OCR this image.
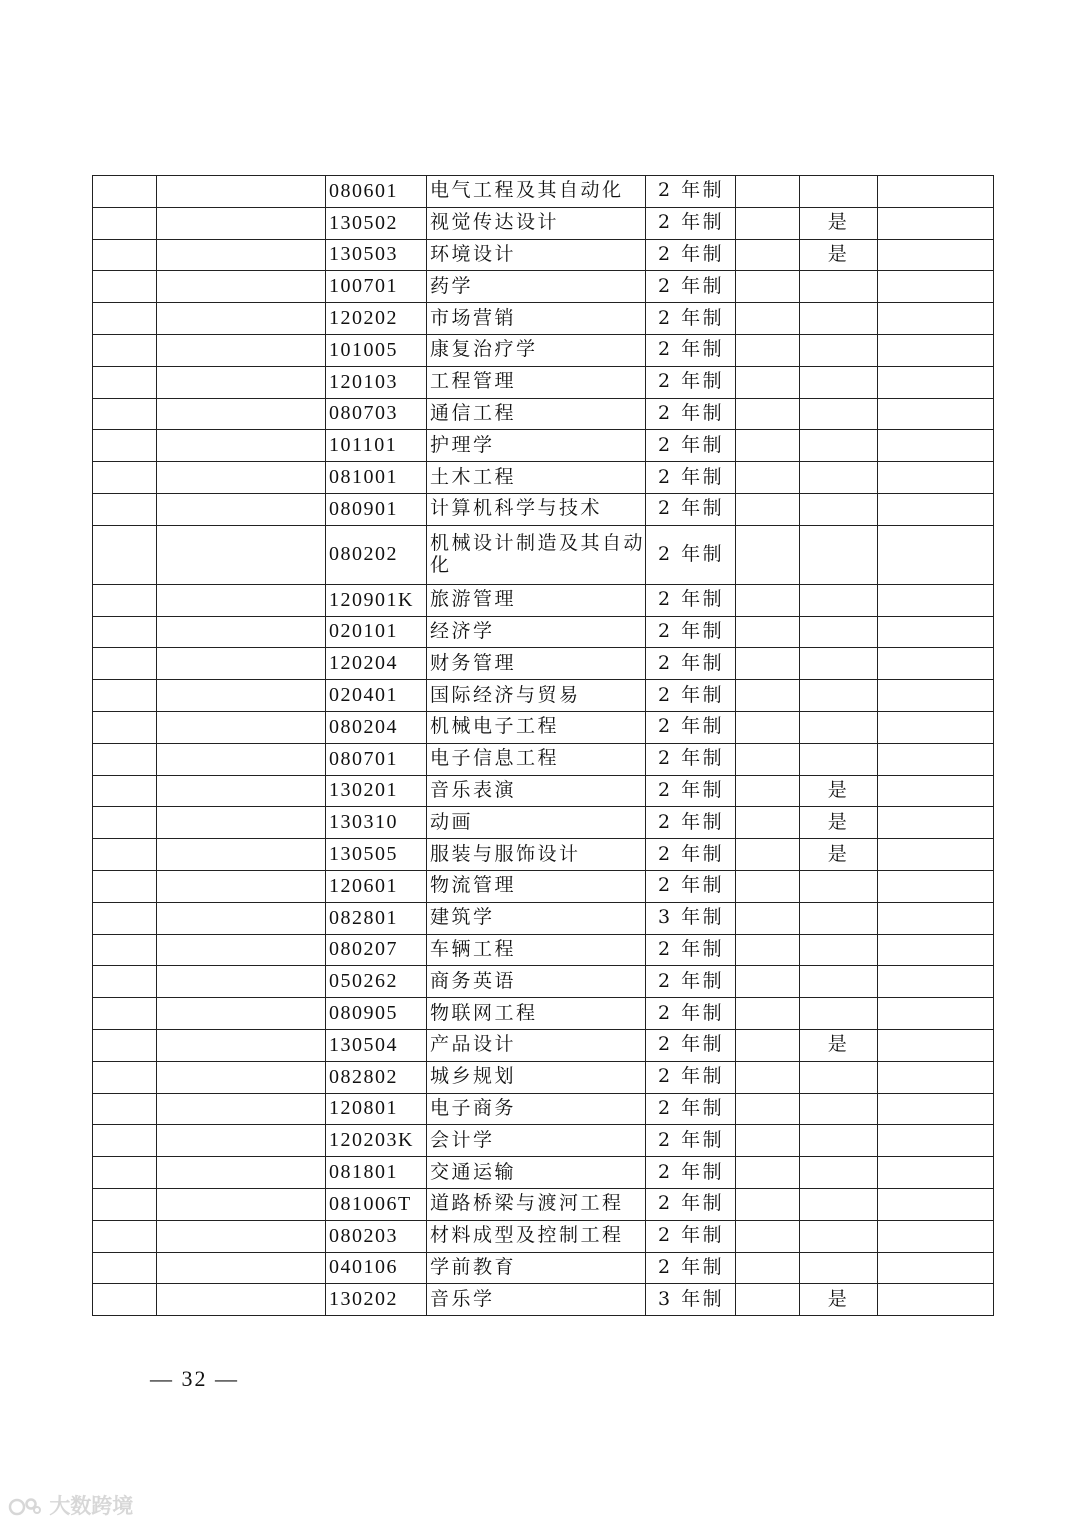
		080601	电气工程及其自动化	2 年制			
		130502	视觉传达设计	2 年制		是	
		130503	环境设计	2 年制		是	
		100701	药学	2 年制			
		120202	市场营销	2 年制			
		101005	康复治疗学	2 年制			
		120103	工程管理	2 年制			
		080703	通信工程	2 年制			
		101101	护理学	2 年制			
		081001	土木工程	2 年制			
		080901	计算机科学与技术	2 年制			
		080202	机械设计制造及其自动化	2 年制			
		120901K	旅游管理	2 年制			
		020101	经济学	2 年制			
		120204	财务管理	2 年制			
		020401	国际经济与贸易	2 年制			
		080204	机械电子工程	2 年制			
		080701	电子信息工程	2 年制			
		130201	音乐表演	2 年制		是	
		130310	动画	2 年制		是	
		130505	服装与服饰设计	2 年制		是	
		120601	物流管理	2 年制			
		082801	建筑学	3 年制			
		080207	车辆工程	2 年制			
		050262	商务英语	2 年制			
		080905	物联网工程	2 年制			
		130504	产品设计	2 年制		是	
		082802	城乡规划	2 年制			
		120801	电子商务	2 年制			
		120203K	会计学	2 年制			
		081801	交通运输	2 年制			
		081006T	道路桥梁与渡河工程	2 年制			
		080203	材料成型及控制工程	2 年制			
		040106	学前教育	2 年制			
		130202	音乐学	3 年制		是	
— 32 —
大数跨境
